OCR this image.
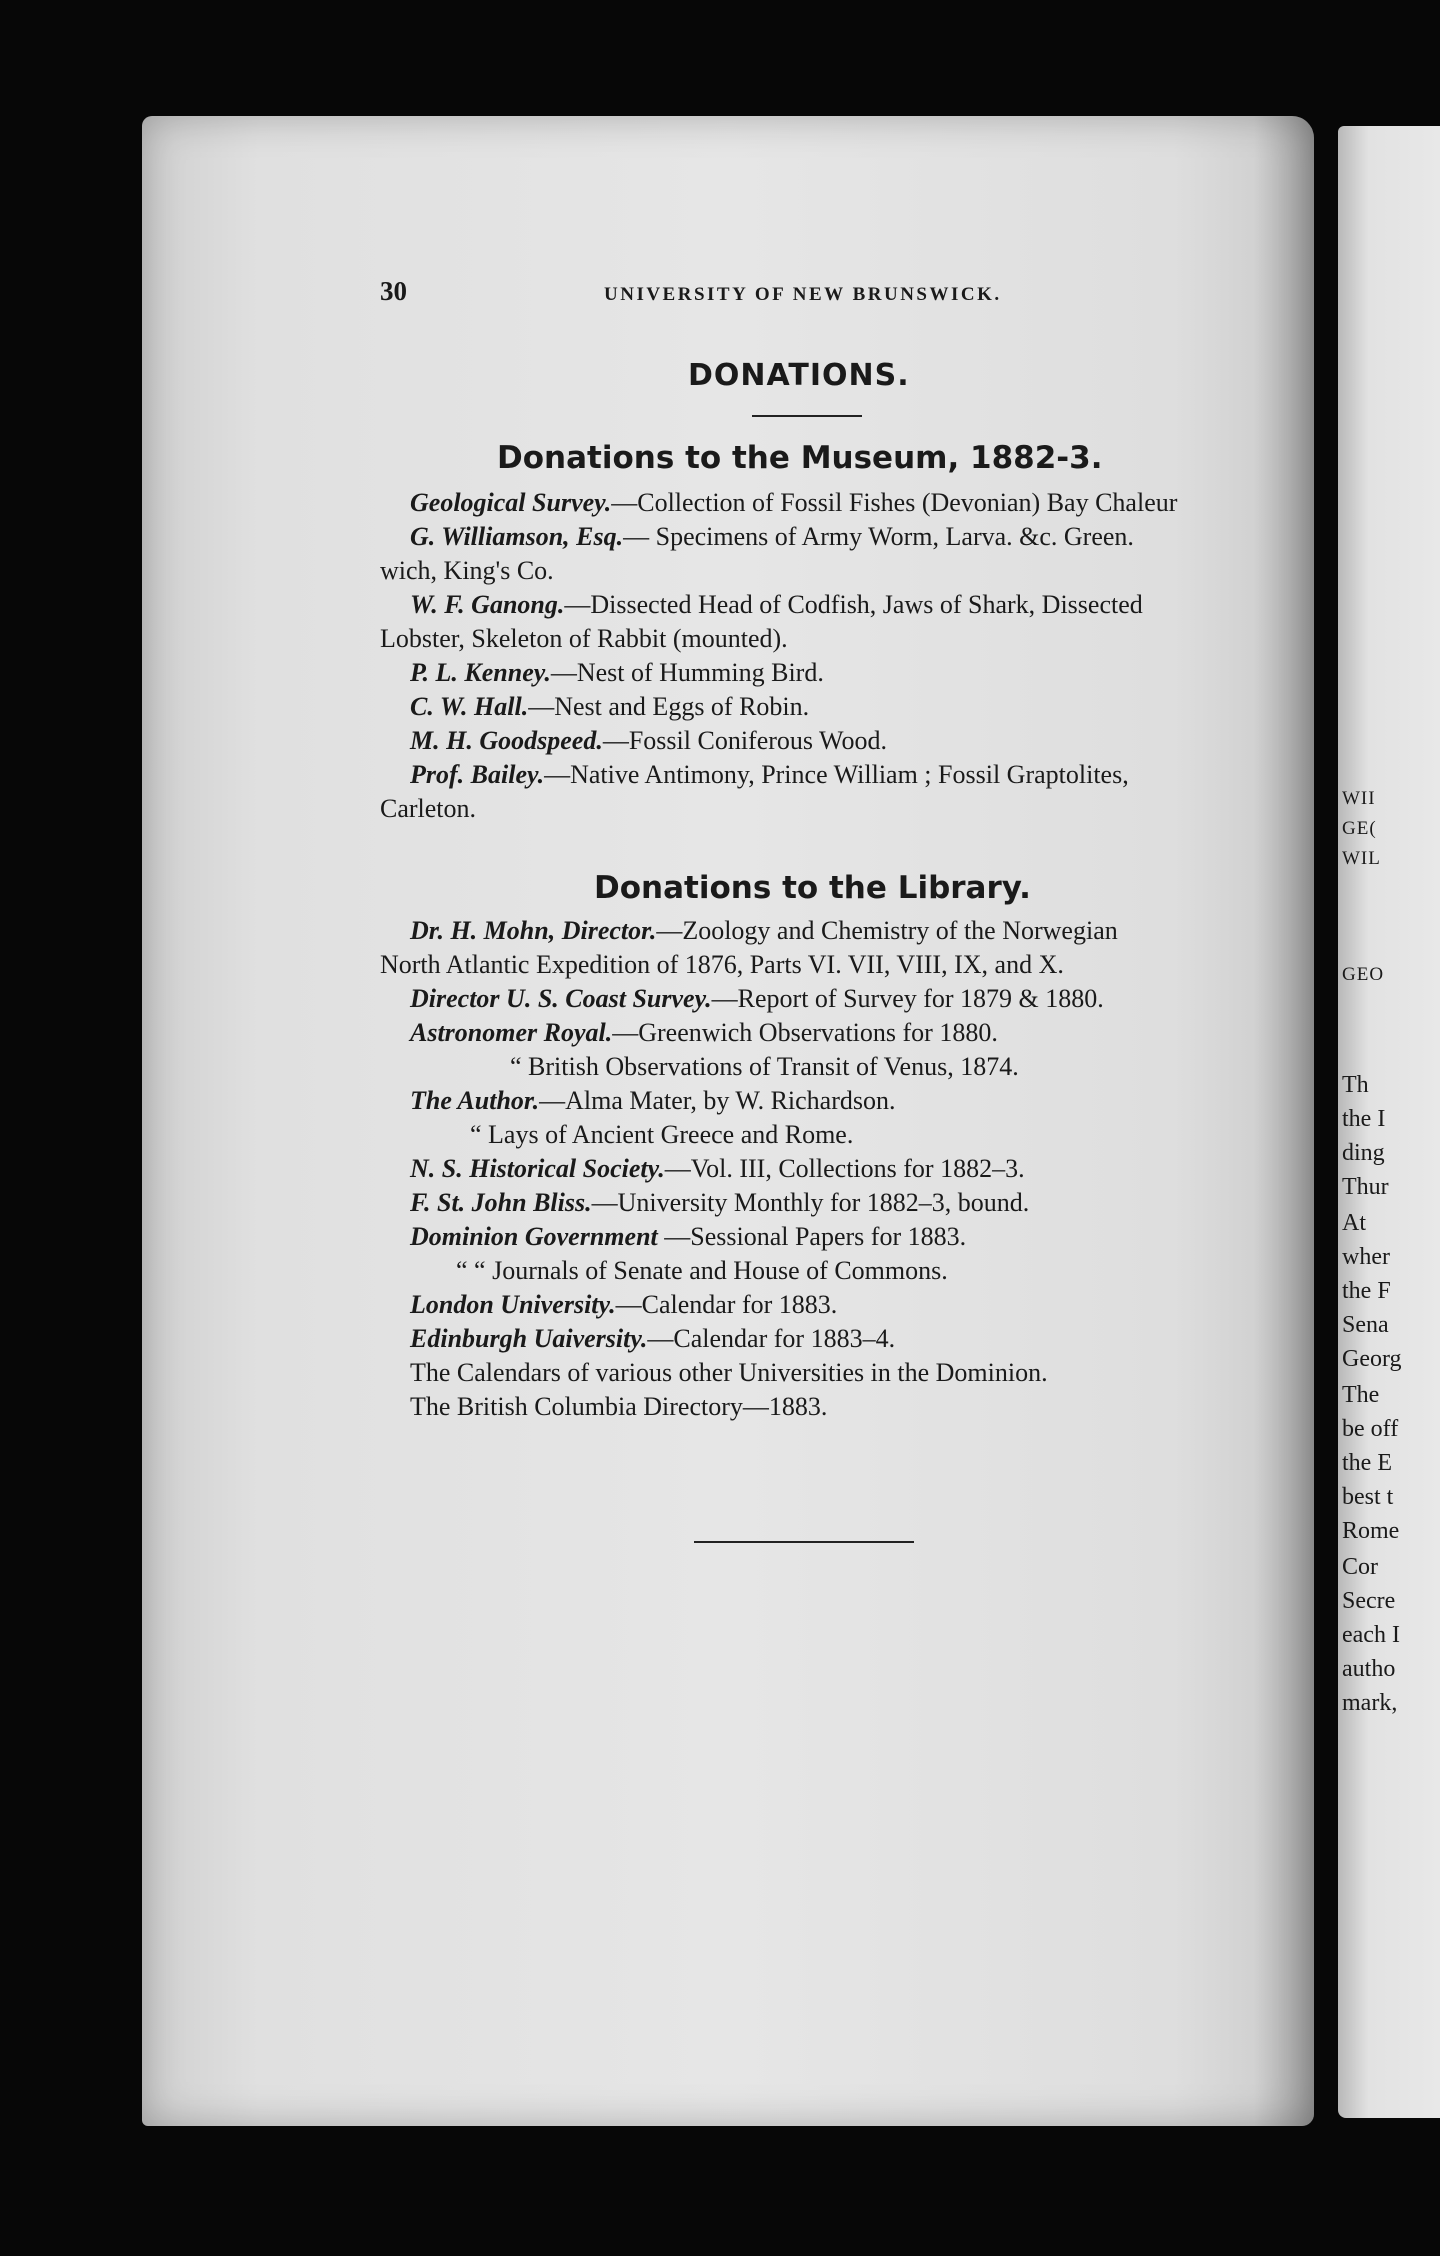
WII
GE(
WIL
GEO
Th
the I
ding
Thur
At
wher
the F
Sena
Georg
The
be off
the E
best t
Rome
Cor
Secre
each I
autho
mark,
30	UNIVERSITY OF NEW BRUNSWICK.
DONATIONS.
Donations to the Museum, 1882-3.
Geological Survey.—Collection of Fossil Fishes (Devonian) Bay Chaleur
G. Williamson, Esq.— Specimens of Army Worm, Larva. &c. Green.
wich, King's Co.
W. F. Ganong.—Dissected Head of Codfish, Jaws of Shark, Dissected
Lobster, Skeleton of Rabbit (mounted).
P. L. Kenney.—Nest of Humming Bird.
C. W. Hall.—Nest and Eggs of Robin.
M. H. Goodspeed.—Fossil Coniferous Wood.
Prof. Bailey.—Native Antimony, Prince William ; Fossil Graptolites,
Carleton.
Donations to the Library.
Dr. H. Mohn, Director.—Zoology and Chemistry of the Norwegian
North Atlantic Expedition of 1876, Parts VI. VII, VIII, IX, and X.
Director U. S. Coast Survey.—Report of Survey for 1879 & 1880.
Astronomer Royal.—Greenwich Observations for 1880.
“ British Observations of Transit of Venus, 1874.
The Author.—Alma Mater, by W. Richardson.
“ Lays of Ancient Greece and Rome.
N. S. Historical Society.—Vol. III, Collections for 1882–3.
F. St. John Bliss.—University Monthly for 1882–3, bound.
Dominion Government —Sessional Papers for 1883.
“ “ Journals of Senate and House of Commons.
London University.—Calendar for 1883.
Edinburgh Uaiversity.—Calendar for 1883–4.
The Calendars of various other Universities in the Dominion.
The British Columbia Directory—1883.
